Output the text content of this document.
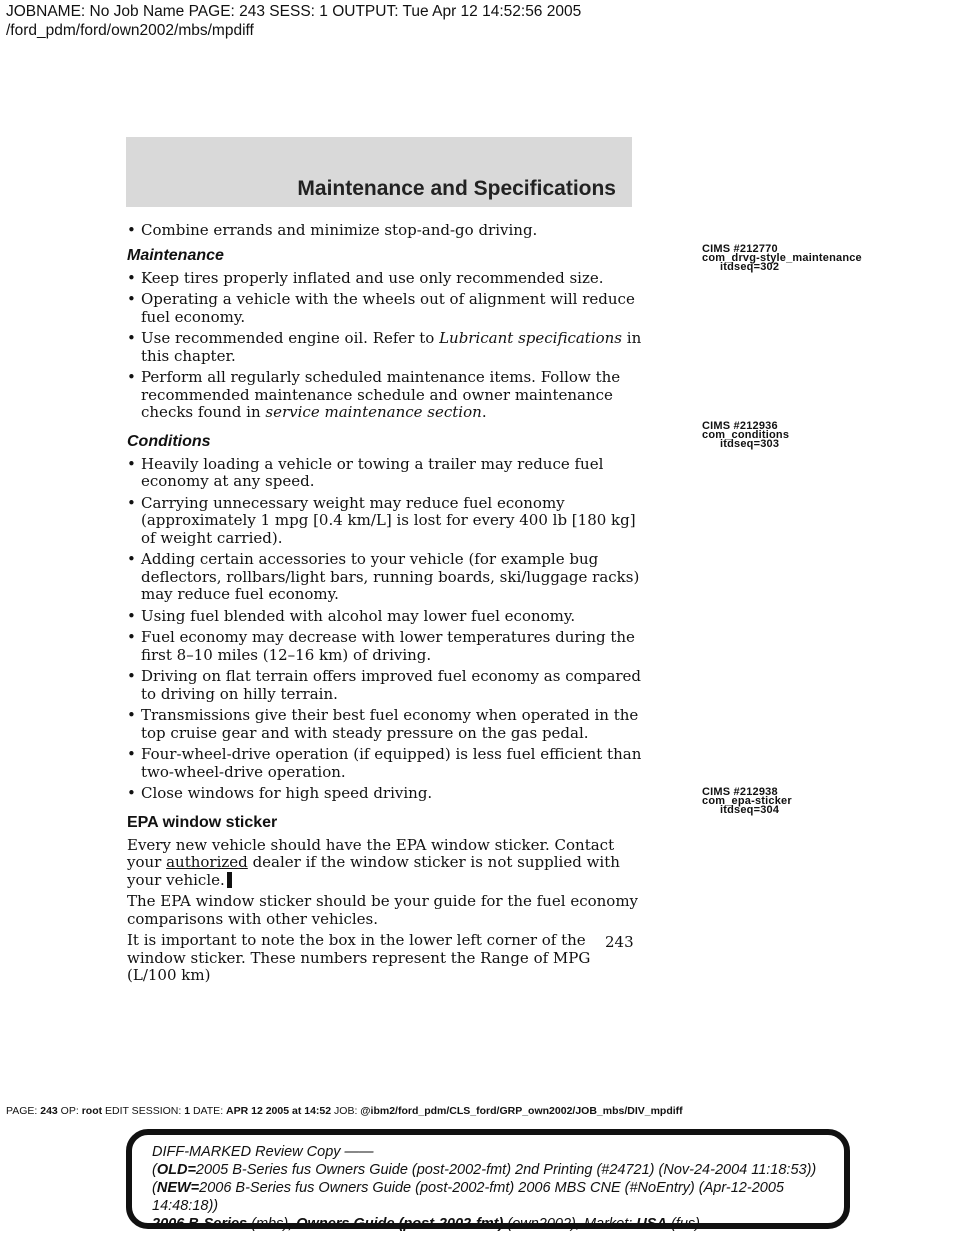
JOBNAME: No Job Name PAGE: 243 SESS: 1 OUTPUT: Tue Apr 12 14:52:56 2005
/ford_pdm/ford/own2002/mbs/mpdiff
Maintenance and Specifications
• Combine errands and minimize stop-and-go driving.
Maintenance
• Keep tires properly inflated and use only recommended size.
• Operating a vehicle with the wheels out of alignment will reduce fuel economy.
• Use recommended engine oil. Refer to Lubricant specifications in this chapter.
• Perform all regularly scheduled maintenance items. Follow the recommended maintenance schedule and owner maintenance checks found in service maintenance section.
Conditions
• Heavily loading a vehicle or towing a trailer may reduce fuel economy at any speed.
• Carrying unnecessary weight may reduce fuel economy (approximately 1 mpg [0.4 km/L] is lost for every 400 lb [180 kg] of weight carried).
• Adding certain accessories to your vehicle (for example bug deflectors, rollbars/light bars, running boards, ski/luggage racks) may reduce fuel economy.
• Using fuel blended with alcohol may lower fuel economy.
• Fuel economy may decrease with lower temperatures during the first 8–10 miles (12–16 km) of driving.
• Driving on flat terrain offers improved fuel economy as compared to driving on hilly terrain.
• Transmissions give their best fuel economy when operated in the top cruise gear and with steady pressure on the gas pedal.
• Four-wheel-drive operation (if equipped) is less fuel efficient than two-wheel-drive operation.
• Close windows for high speed driving.
EPA window sticker
Every new vehicle should have the EPA window sticker. Contact your authorized dealer if the window sticker is not supplied with your vehicle.
The EPA window sticker should be your guide for the fuel economy comparisons with other vehicles.
It is important to note the box in the lower left corner of the window sticker. These numbers represent the Range of MPG (L/100 km)
CIMS #212770
com_drvg-style_maintenance
itdseq=302
CIMS #212936
com_conditions
itdseq=303
CIMS #212938
com_epa-sticker
itdseq=304
243
PAGE: 243 OP: root EDIT SESSION: 1 DATE: APR 12 2005 at 14:52 JOB: @ibm2/ford_pdm/CLS_ford/GRP_own2002/JOB_mbs/DIV_mpdiff
DIFF-MARKED Review Copy ——
(OLD=2005 B-Series fus Owners Guide (post-2002-fmt) 2nd Printing (#24721) (Nov-24-2004 11:18:53))
(NEW=2006 B-Series fus Owners Guide (post-2002-fmt) 2006 MBS CNE (#NoEntry) (Apr-12-2005 14:48:18))
2006 B-Series (mbs), Owners Guide (post-2002-fmt) (own2002), Market: USA (fus)
